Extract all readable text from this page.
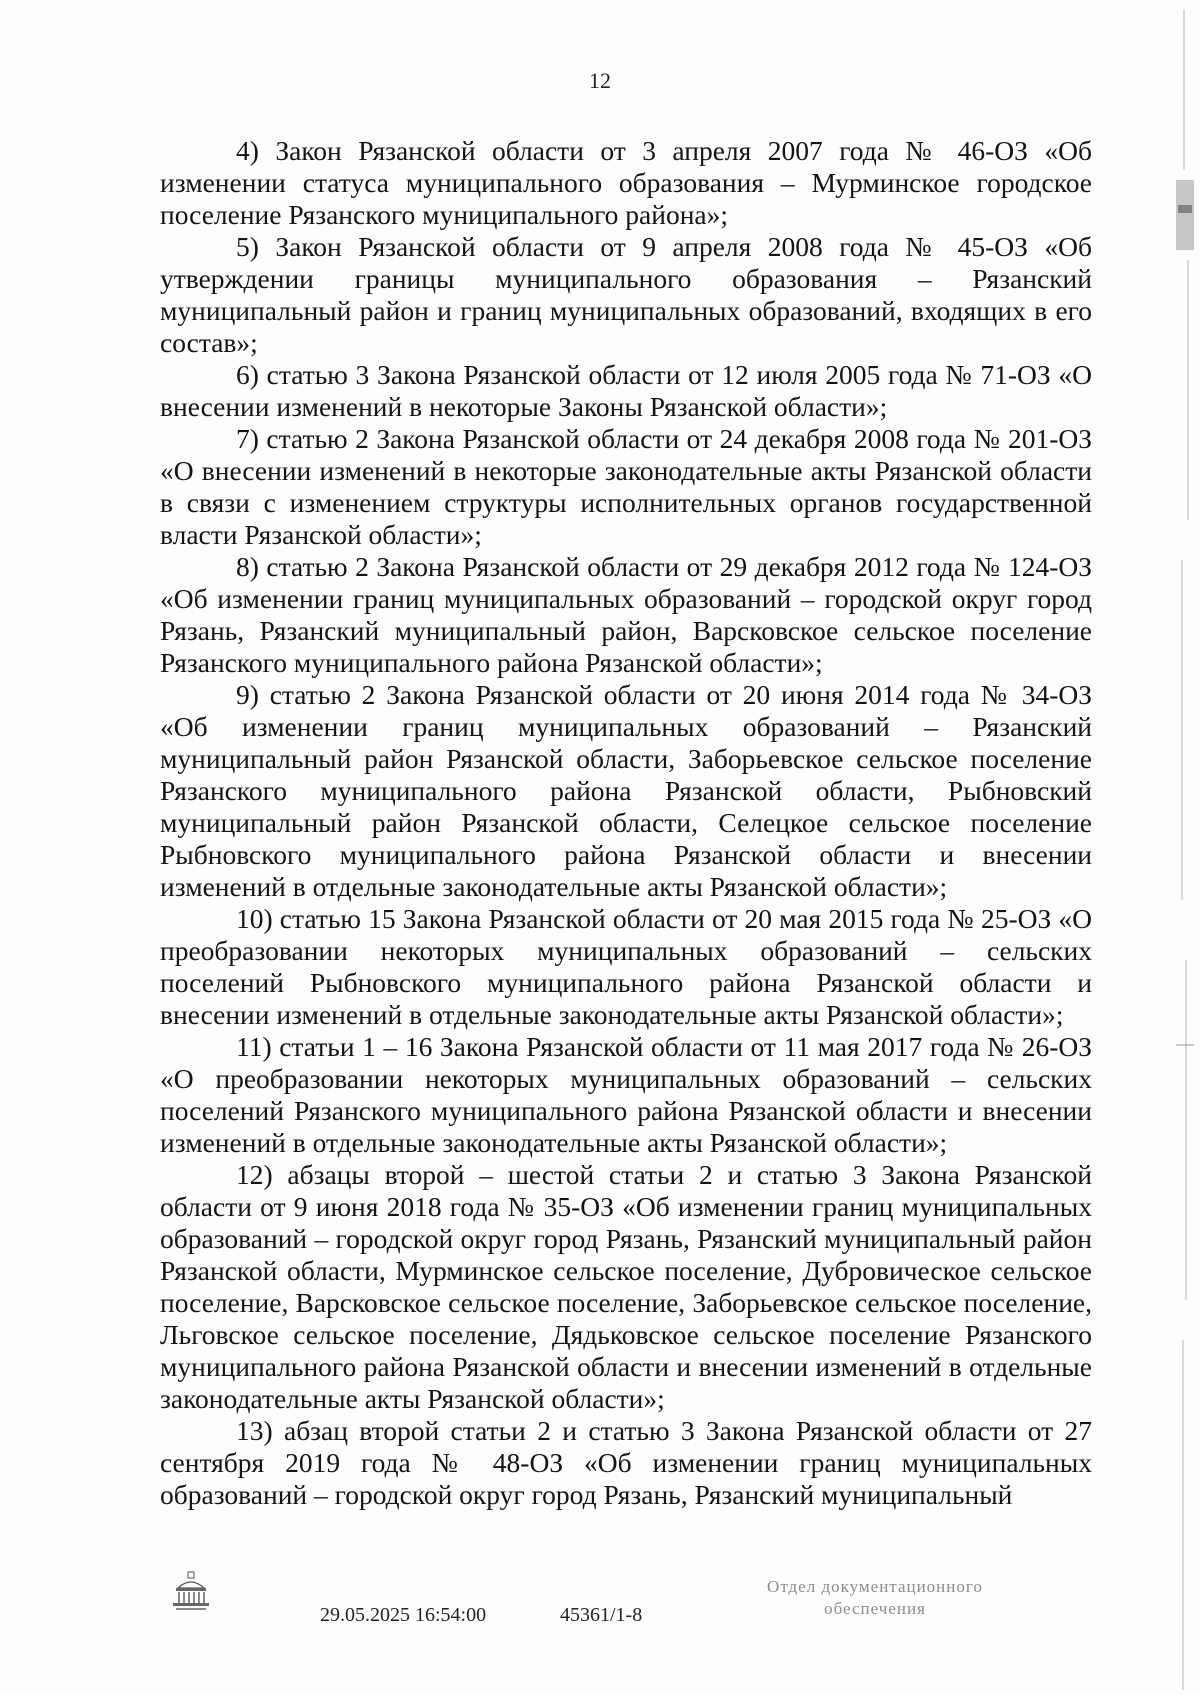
12

4) Закон Рязанской области от 3 апреля 2007 года № 46-ОЗ «Об изменении статуса муниципального образования – Мурминское городское поселение Рязанского муниципального района»;

5) Закон Рязанской области от 9 апреля 2008 года № 45-ОЗ «Об утверждении границы муниципального образования – Рязанский муниципальный район и границ муниципальных образований, входящих в его состав»;

6) статью 3 Закона Рязанской области от 12 июля 2005 года № 71-ОЗ «О внесении изменений в некоторые Законы Рязанской области»;

7) статью 2 Закона Рязанской области от 24 декабря 2008 года № 201-ОЗ «О внесении изменений в некоторые законодательные акты Рязанской области в связи с изменением структуры исполнительных органов государственной власти Рязанской области»;

8) статью 2 Закона Рязанской области от 29 декабря 2012 года № 124-ОЗ «Об изменении границ муниципальных образований – городской округ город Рязань, Рязанский муниципальный район, Варсковское сельское поселение Рязанского муниципального района Рязанской области»;

9) статью 2 Закона Рязанской области от 20 июня 2014 года № 34-ОЗ «Об изменении границ муниципальных образований – Рязанский муниципальный район Рязанской области, Заборьевское сельское поселение Рязанского муниципального района Рязанской области, Рыбновский муниципальный район Рязанской области, Селецкое сельское поселение Рыбновского муниципального района Рязанской области и внесении изменений в отдельные законодательные акты Рязанской области»;

10) статью 15 Закона Рязанской области от 20 мая 2015 года № 25-ОЗ «О преобразовании некоторых муниципальных образований – сельских поселений Рыбновского муниципального района Рязанской области и внесении изменений в отдельные законодательные акты Рязанской области»;

11) статьи 1 – 16 Закона Рязанской области от 11 мая 2017 года № 26-ОЗ «О преобразовании некоторых муниципальных образований – сельских поселений Рязанского муниципального района Рязанской области и внесении изменений в отдельные законодательные акты Рязанской области»;

12) абзацы второй – шестой статьи 2 и статью 3 Закона Рязанской области от 9 июня 2018 года № 35-ОЗ «Об изменении границ муниципальных образований – городской округ город Рязань, Рязанский муниципальный район Рязанской области, Мурминское сельское поселение, Дубровическое сельское поселение, Варсковское сельское поселение, Заборьевское сельское поселение, Льговское сельское поселение, Дядьковское сельское поселение Рязанского муниципального района Рязанской области и внесении изменений в отдельные законодательные акты Рязанской области»;

13) абзац второй статьи 2 и статью 3 Закона Рязанской области от 27 сентября 2019 года № 48-ОЗ «Об изменении границ муниципальных образований – городской округ город Рязань, Рязанский муниципальный

29.05.2025 16:54:00	45361/1-8
Отдел документационного
обеспечения
